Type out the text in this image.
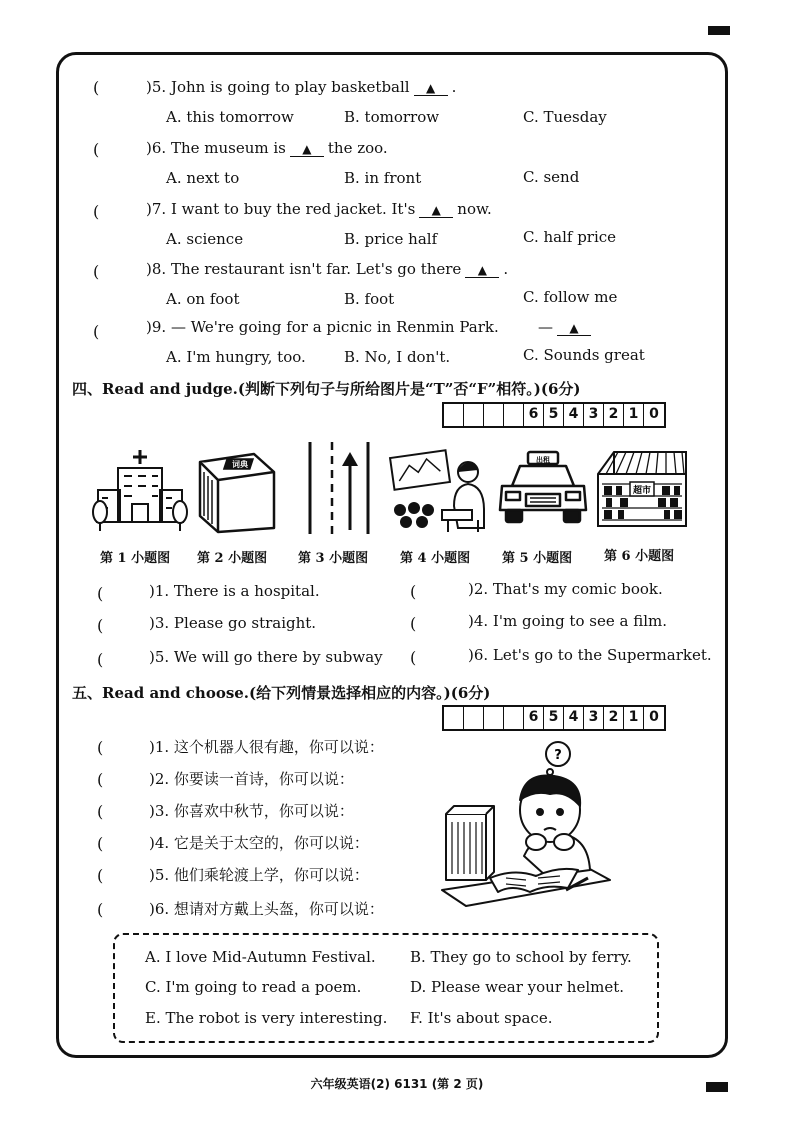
(	)5. John is going to play basketball ▲ .
A. this tomorrow	B. tomorrow	C. Tuesday
(	)6. The museum is ▲ the zoo.
A. next to	B. in front	C. send
(	)7. I want to buy the red jacket. It's ▲ now.
A. science	B. price half	C. half price
(	)8. The restaurant isn't far. Let's go there ▲ .
A. on foot	B. foot	C. follow me
(	)9. — We're going for a picnic in Renmin Park.	— ▲
A. I'm hungry, too.	B. No, I don't.	C. Sounds great
四、Read and judge.(判断下列句子与所给图片是“T”否“F”相符。)(6分)
6 5 4 3 2 1 0
词典	出租
超市
第 1 小题图 第 2 小题图 第 3 小题图 第 4 小题图 第 5 小题图 第 6 小题图
(	)1. There is a hospital.	(	)2. That's my comic book.
(	)3. Please go straight.	(	)4. I'm going to see a film.
(	)5. We will go there by subway (	)6. Let's go to the Supermarket.
五、Read and choose.(给下列情景选择相应的内容。)(6分)
6 5 4 3 2 1 0
(	)1. 这个机器人很有趣，你可以说：
(	)2. 你要读一首诗，你可以说：
(	)3. 你喜欢中秋节，你可以说：
(	)4. 它是关于太空的，你可以说：
(	)5. 他们乘轮渡上学，你可以说：
(	)6. 想请对方戴上头盔，你可以说：
?
A. I love Mid-Autumn Festival. B. They go to school by ferry.
C. I'm going to read a poem.	D. Please wear your helmet.
E. The robot is very interesting. F. It's about space.
六年级英语(2) 6131 (第 2 页)
